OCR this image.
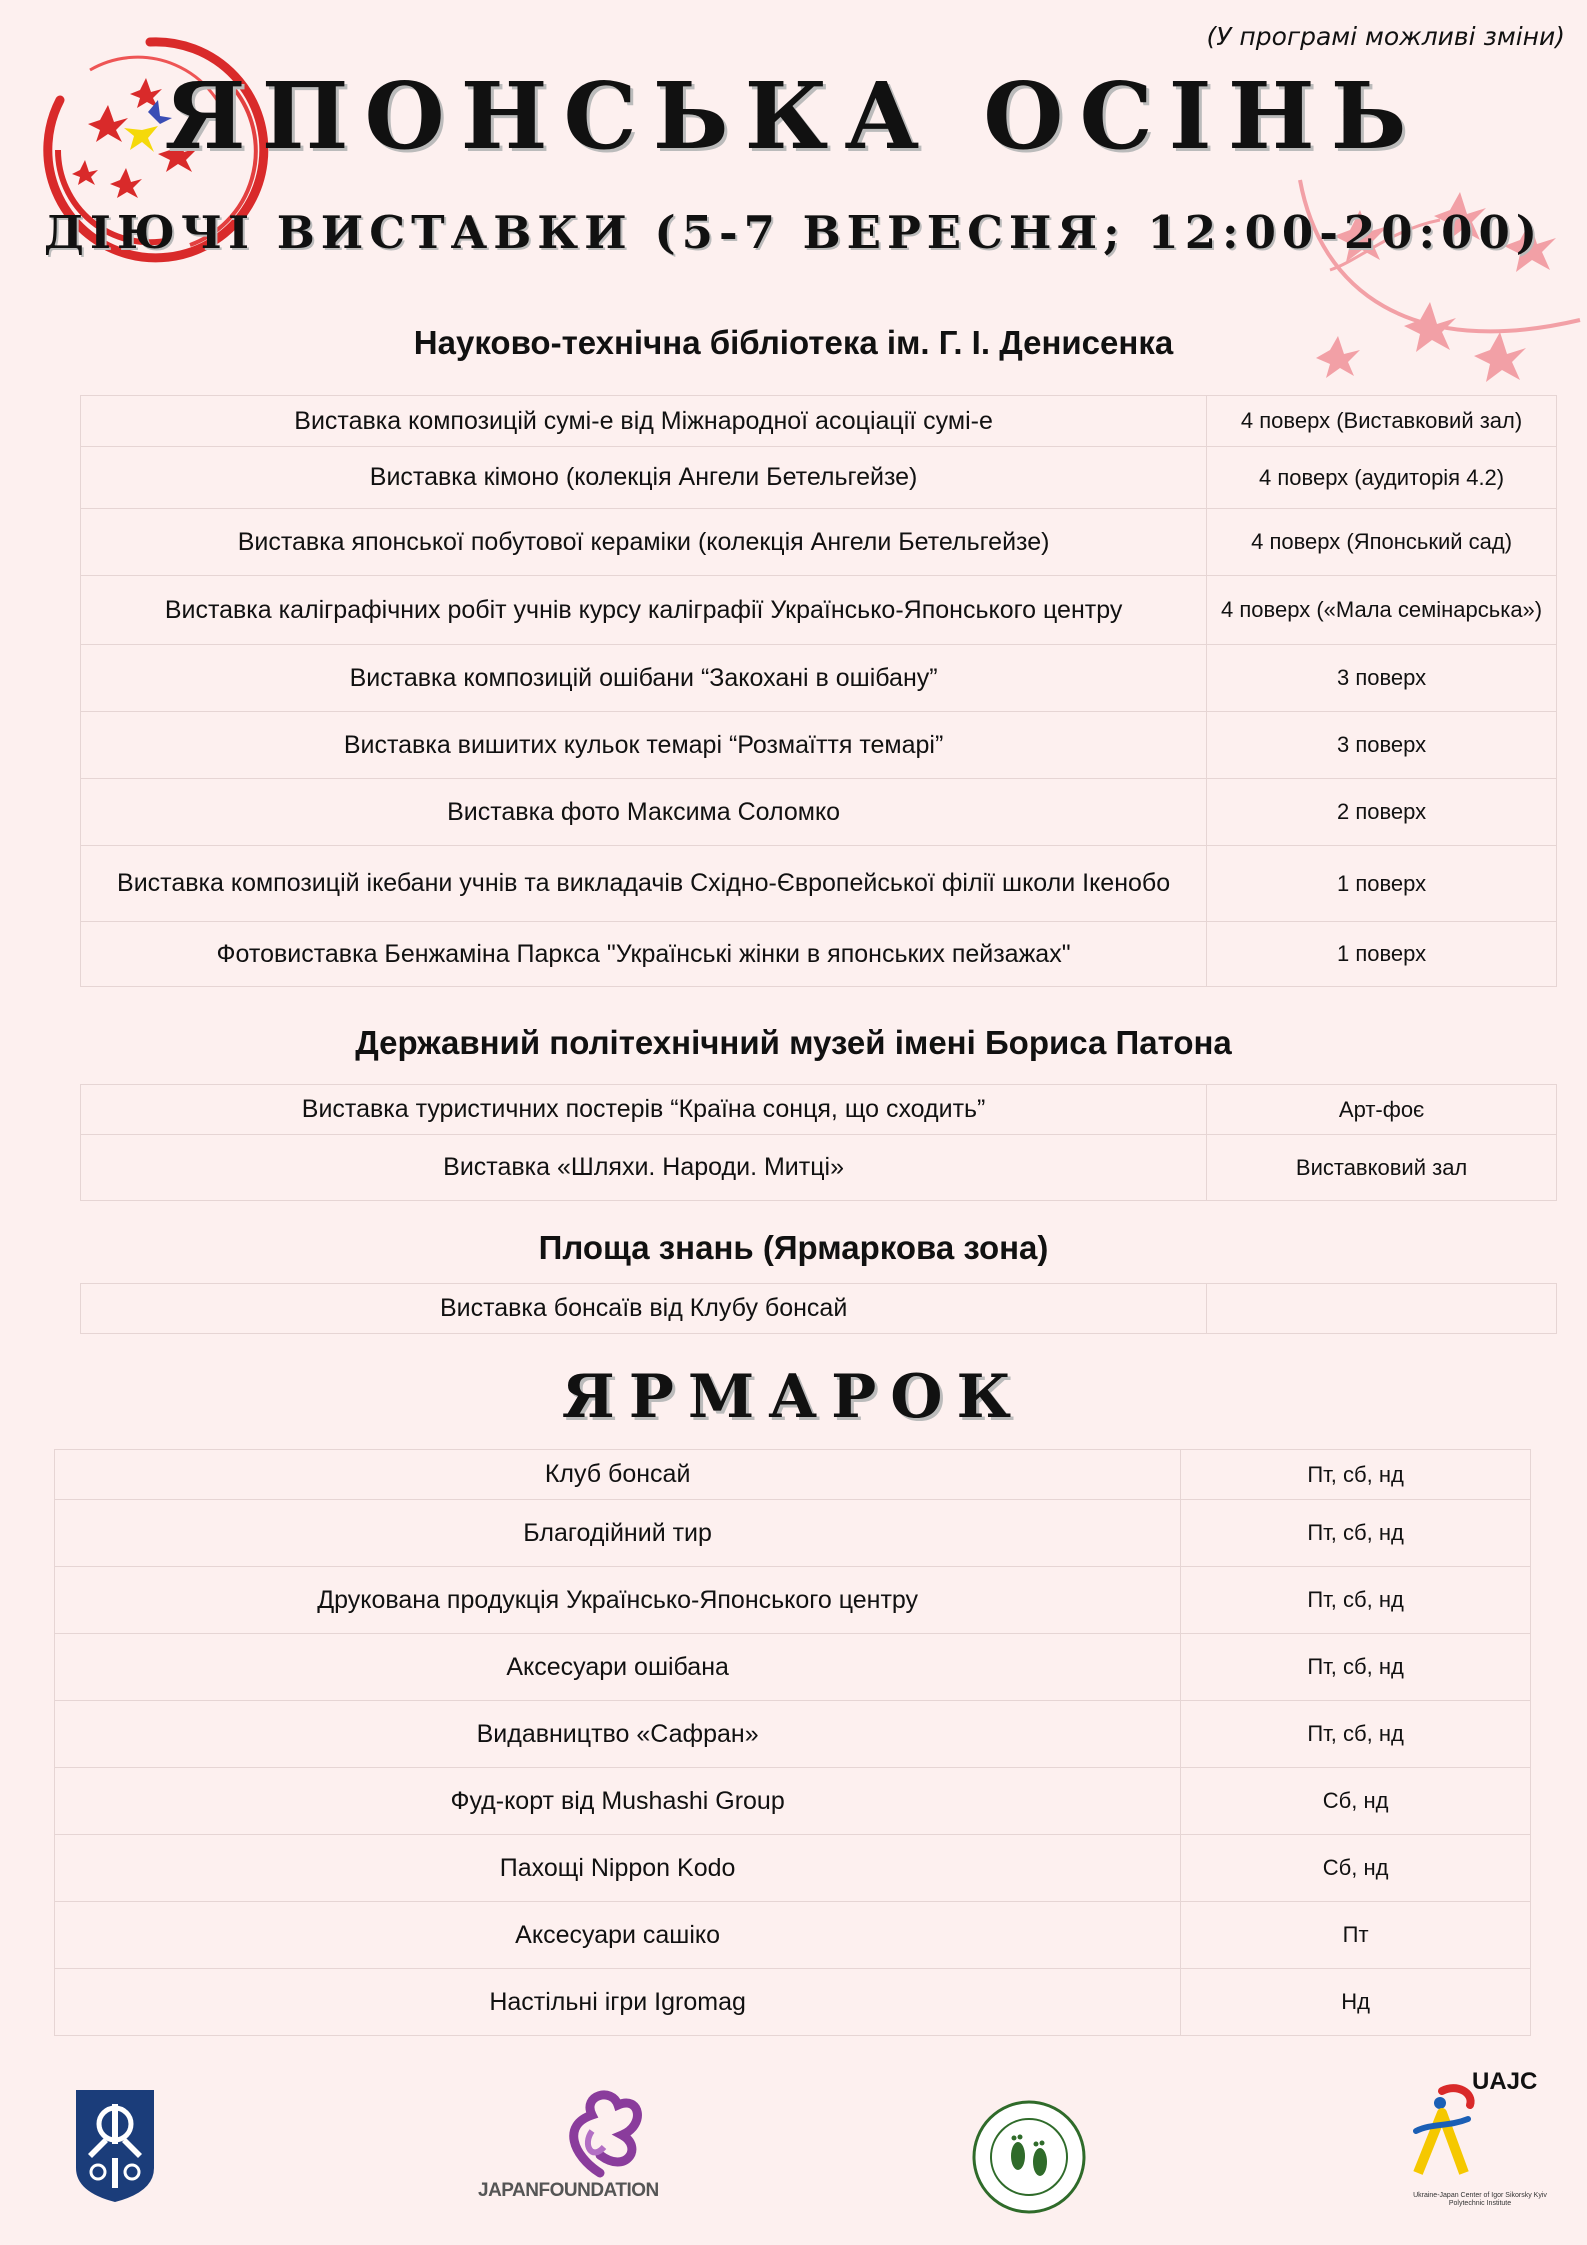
(У програмі можливі зміни)
ЯПОНСЬКА ОСІНЬ
ДІЮЧІ ВИСТАВКИ (5-7 ВЕРЕСНЯ; 12:00-20:00)
Науково-технічна бібліотека ім. Г. І. Денисенка
Виставка композицій сумі-е від Міжнародної асоціації сумі-е	4 поверх (Виставковий зал)
Виставка кімоно (колекція Ангели Бетельгейзе)	4 поверх (аудиторія 4.2)
Виставка японської побутової кераміки (колекція Ангели Бетельгейзе)	4 поверх (Японський сад)
Виставка каліграфічних робіт учнів курсу каліграфії Українсько-Японського центру	4 поверх («Мала семінарська»)
Виставка композицій ошібани “Закохані в ошібану”	3 поверх
Виставка вишитих кульок темарі “Розмаїття темарі”	3 поверх
Виставка фото Максима Соломко	2 поверх
Виставка композицій ікебани учнів та викладачів Східно-Європейської філії школи Ікенобо	1 поверх
Фотовиставка Бенжаміна Паркса "Українські жінки в японських пейзажах"	1 поверх
Державний політехнічний музей імені Бориса Патона
Виставка туристичних постерів “Країна сонця, що сходить”	Арт-фоє
Виставка «Шляхи. Народи. Митці»	Виставковий зал
Площа знань (Ярмаркова зона)
Виставка бонсаїв від Клубу бонсай	
ЯРМАРОК
Клуб бонсай	Пт, сб, нд
Благодійний тир	Пт, сб, нд
Друкована продукція Українсько-Японського центру	Пт, сб, нд
Аксесуари ошібана	Пт, сб, нд
Видавництво «Сафран»	Пт, сб, нд
Фуд-корт від Mushashi Group	Сб, нд
Пахощі Nippon Kodo	Сб, нд
Аксесуари сашіко	Пт
Настільні ігри Igromag	Нд
JAPANFOUNDATION
UAJC
Ukraine-Japan Center of Igor Sikorsky Kyiv Polytechnic Institute
